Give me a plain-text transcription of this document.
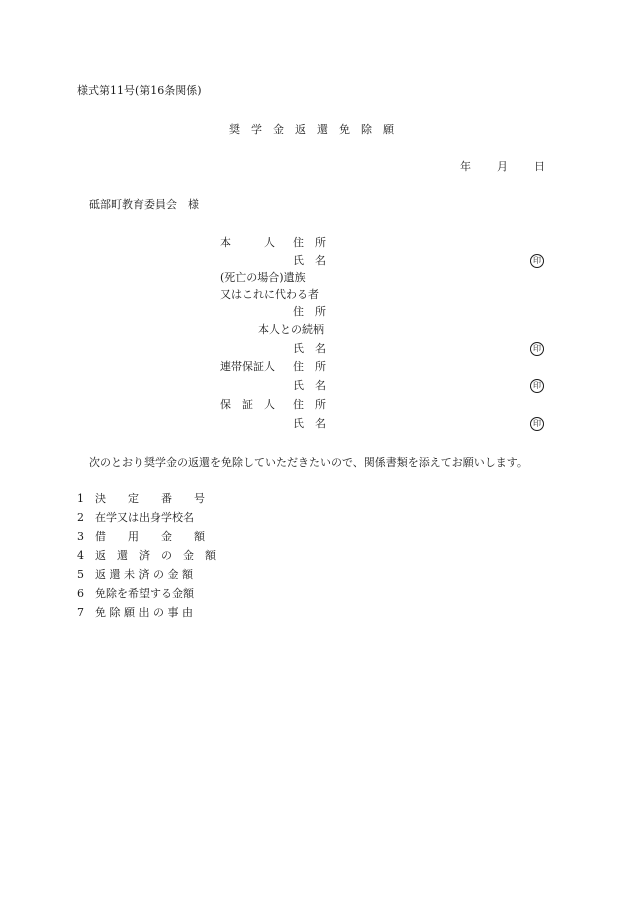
様式第11号(第16条関係)
奨　学　金　返　還　免　除　願
年 月 日
砥部町教育委員会　様
本　　　人 住　所
氏　名	印
(死亡の場合)遺族
又はこれに代わる者
住　所
本人との続柄
氏　名	印
連帯保証人 住　所
氏　名	印
保　証　人 住　所
氏　名	印
次のとおり奨学金の返還を免除していただきたいので、関係書類を添えてお願いします。
1 決　　定　　番　　号
2 在学又は出身学校名
3 借　　用　　金　　額
4 返　還　済　の　金　額
5 返 還 未 済 の 金 額
6 免除を希望する金額
7 免 除 願 出 の 事 由
